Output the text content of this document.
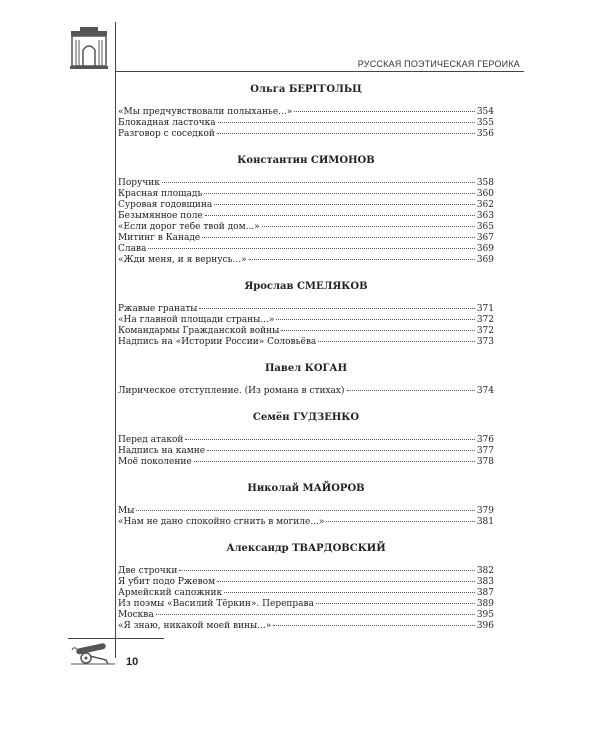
РУССКАЯ ПОЭТИЧЕСКАЯ ГЕРОИКА
Ольга БЕРГГОЛЬЦ
«Мы предчувствовали полыханье...»	354
Блокадная ласточка	355
Разговор с соседкой	356
Константин СИМОНОВ
Поручик	358
Красная площадь	360
Суровая годовщина	362
Безымянное поле	363
«Если дорог тебе твой дом...»	365
Митинг в Канаде	367
Слава	369
«Жди меня, и я вернусь...»	369
Ярослав СМЕЛЯКОВ
Ржавые гранаты	371
«На главной площади страны...»	372
Командармы Гражданской войны	372
Надпись на «Истории России» Соловьёва	373
Павел КОГАН
Лирическое отступление. (Из романа в стихах)	374
Семён ГУДЗЕНКО
Перед атакой	376
Надпись на камне	377
Моё поколение	378
Николай МАЙОРОВ
Мы	379
«Нам не дано спокойно сгнить в могиле...»	381
Александр ТВАРДОВСКИЙ
Две строчки	382
Я убит подо Ржевом	383
Армейский сапожник	387
Из поэмы «Василий Тёркин». Переправа	389
Москва	395
«Я знаю, никакой моей вины...»	396
10
